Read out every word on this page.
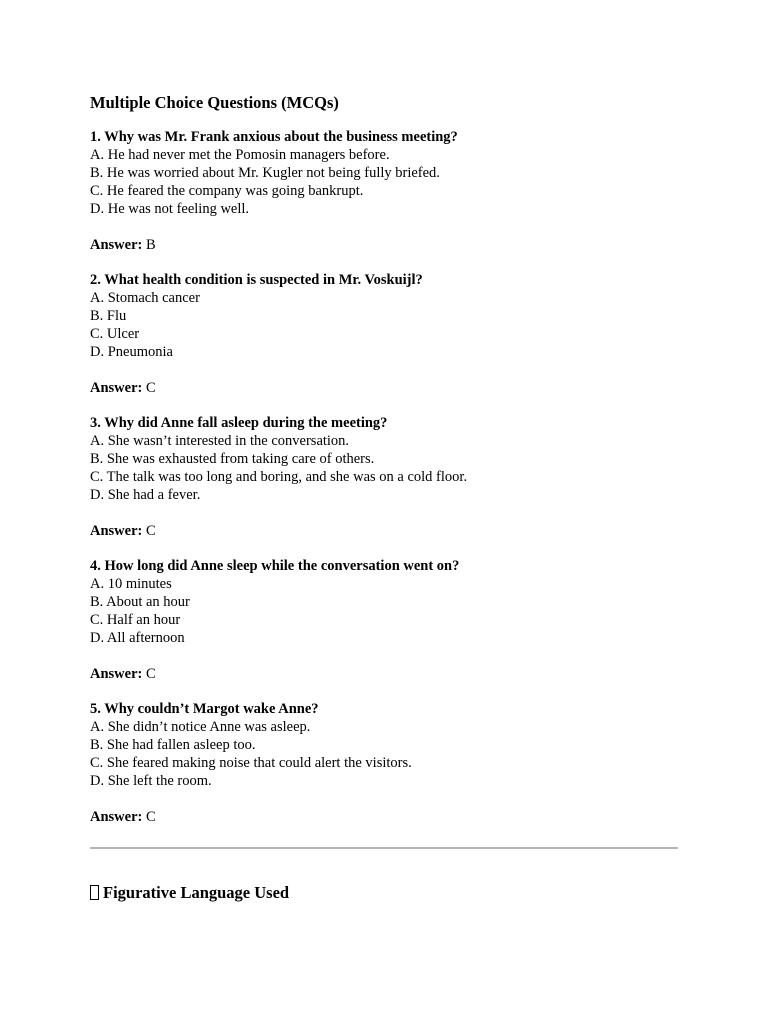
Multiple Choice Questions (MCQs)
1. Why was Mr. Frank anxious about the business meeting?
A. He had never met the Pomosin managers before.
B. He was worried about Mr. Kugler not being fully briefed.
C. He feared the company was going bankrupt.
D. He was not feeling well.
Answer: B
2. What health condition is suspected in Mr. Voskuijl?
A. Stomach cancer
B. Flu
C. Ulcer
D. Pneumonia
Answer: C
3. Why did Anne fall asleep during the meeting?
A. She wasn’t interested in the conversation.
B. She was exhausted from taking care of others.
C. The talk was too long and boring, and she was on a cold floor.
D. She had a fever.
Answer: C
4. How long did Anne sleep while the conversation went on?
A. 10 minutes
B. About an hour
C. Half an hour
D. All afternoon
Answer: C
5. Why couldn’t Margot wake Anne?
A. She didn’t notice Anne was asleep.
B. She had fallen asleep too.
C. She feared making noise that could alert the visitors.
D. She left the room.
Answer: C
Figurative Language Used
